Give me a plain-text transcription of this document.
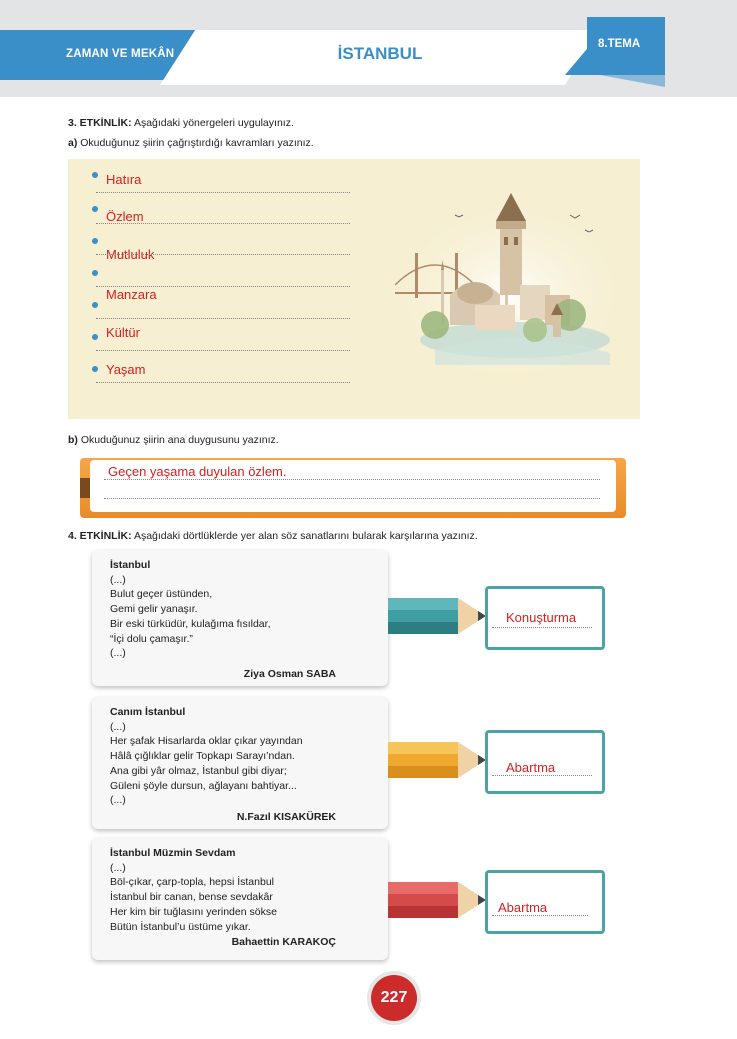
ZAMAN VE MEKÂN	İSTANBUL	8.TEMA
3. ETKİNLİK: Aşağıdaki yönergeleri uygulayınız.
a) Okuduğunuz şiirin çağrıştırdığı kavramları yazınız.
Hatıra
Özlem
Mutluluk
Manzara
Kültür
Yaşam
b) Okuduğunuz şiirin ana duygusunu yazınız.
Geçen yaşama duyulan özlem.
4. ETKİNLİK: Aşağıdaki dörtlüklerde yer alan söz sanatlarını bularak karşılarına yazınız.
İstanbul
(...)
Bulut geçer üstünden,
Gemi gelir yanaşır.
Bir eski türküdür, kulağıma fısıldar,
“İçi dolu çamaşır.”
(...)
Ziya Osman SABA
Konuşturma
Canım İstanbul
(...)
Her şafak Hisarlarda oklar çıkar yayından
Hâlâ çığlıklar gelir Topkapı Sarayı’ndan.
Ana gibi yâr olmaz, İstanbul gibi diyar;
Güleni şöyle dursun, ağlayanı bahtiyar...
(...)
N.Fazıl KISAKÜREK
Abartma
İstanbul Müzmin Sevdam
(...)
Böl-çıkar, çarp-topla, hepsi İstanbul
İstanbul bir canan, bense sevdakâr
Her kim bir tuğlasını yerinden sökse
Bütün İstanbul’u üstüme yıkar.
Bahaettin KARAKOÇ
Abartma
227
